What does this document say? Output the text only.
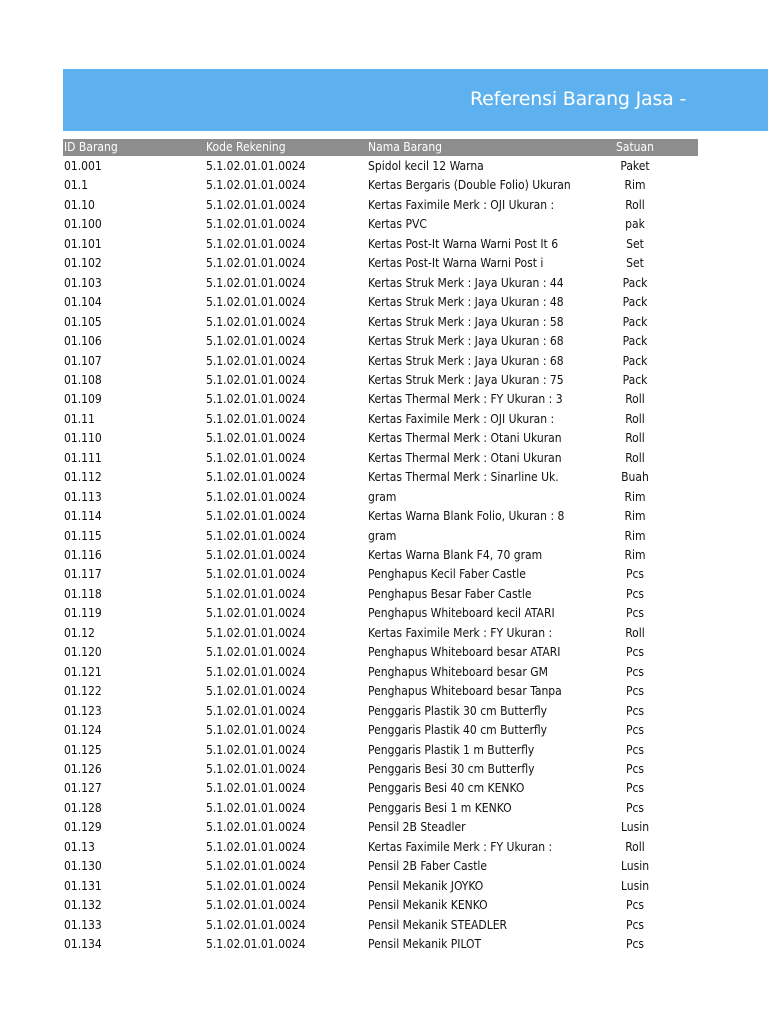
Referensi Barang Jasa -
ID Barang	Kode Rekening	Nama Barang	Satuan
01.001	5.1.02.01.01.0024	Spidol kecil 12 Warna	Paket
01.1	5.1.02.01.01.0024	Kertas Bergaris (Double Folio) Ukuran	Rim
01.10	5.1.02.01.01.0024	Kertas Faximile Merk : OJI Ukuran :	Roll
01.100	5.1.02.01.01.0024	Kertas PVC	pak
01.101	5.1.02.01.01.0024	Kertas Post-It Warna Warni Post It 6	Set
01.102	5.1.02.01.01.0024	Kertas Post-It Warna Warni Post i	Set
01.103	5.1.02.01.01.0024	Kertas Struk Merk : Jaya Ukuran : 44	Pack
01.104	5.1.02.01.01.0024	Kertas Struk Merk : Jaya Ukuran : 48	Pack
01.105	5.1.02.01.01.0024	Kertas Struk Merk : Jaya Ukuran : 58	Pack
01.106	5.1.02.01.01.0024	Kertas Struk Merk : Jaya Ukuran : 68	Pack
01.107	5.1.02.01.01.0024	Kertas Struk Merk : Jaya Ukuran : 68	Pack
01.108	5.1.02.01.01.0024	Kertas Struk Merk : Jaya Ukuran : 75	Pack
01.109	5.1.02.01.01.0024	Kertas Thermal Merk : FY Ukuran : 3	Roll
01.11	5.1.02.01.01.0024	Kertas Faximile Merk : OJI Ukuran :	Roll
01.110	5.1.02.01.01.0024	Kertas Thermal Merk : Otani Ukuran	Roll
01.111	5.1.02.01.01.0024	Kertas Thermal Merk : Otani Ukuran	Roll
01.112	5.1.02.01.01.0024	Kertas Thermal Merk : Sinarline Uk.	Buah
01.113	5.1.02.01.01.0024	gram	Rim
01.114	5.1.02.01.01.0024	Kertas Warna Blank Folio, Ukuran : 8	Rim
01.115	5.1.02.01.01.0024	gram	Rim
01.116	5.1.02.01.01.0024	Kertas Warna Blank F4, 70 gram	Rim
01.117	5.1.02.01.01.0024	Penghapus Kecil Faber Castle	Pcs
01.118	5.1.02.01.01.0024	Penghapus Besar Faber Castle	Pcs
01.119	5.1.02.01.01.0024	Penghapus Whiteboard kecil ATARI	Pcs
01.12	5.1.02.01.01.0024	Kertas Faximile Merk : FY Ukuran :	Roll
01.120	5.1.02.01.01.0024	Penghapus Whiteboard besar ATARI	Pcs
01.121	5.1.02.01.01.0024	Penghapus Whiteboard besar GM	Pcs
01.122	5.1.02.01.01.0024	Penghapus Whiteboard besar Tanpa	Pcs
01.123	5.1.02.01.01.0024	Penggaris Plastik 30 cm Butterfly	Pcs
01.124	5.1.02.01.01.0024	Penggaris Plastik 40 cm Butterfly	Pcs
01.125	5.1.02.01.01.0024	Penggaris Plastik 1 m Butterfly	Pcs
01.126	5.1.02.01.01.0024	Penggaris Besi 30 cm Butterfly	Pcs
01.127	5.1.02.01.01.0024	Penggaris Besi 40 cm KENKO	Pcs
01.128	5.1.02.01.01.0024	Penggaris Besi 1 m KENKO	Pcs
01.129	5.1.02.01.01.0024	Pensil 2B Steadler	Lusin
01.13	5.1.02.01.01.0024	Kertas Faximile Merk : FY Ukuran :	Roll
01.130	5.1.02.01.01.0024	Pensil 2B Faber Castle	Lusin
01.131	5.1.02.01.01.0024	Pensil Mekanik JOYKO	Lusin
01.132	5.1.02.01.01.0024	Pensil Mekanik KENKO	Pcs
01.133	5.1.02.01.01.0024	Pensil Mekanik STEADLER	Pcs
01.134	5.1.02.01.01.0024	Pensil Mekanik PILOT	Pcs
